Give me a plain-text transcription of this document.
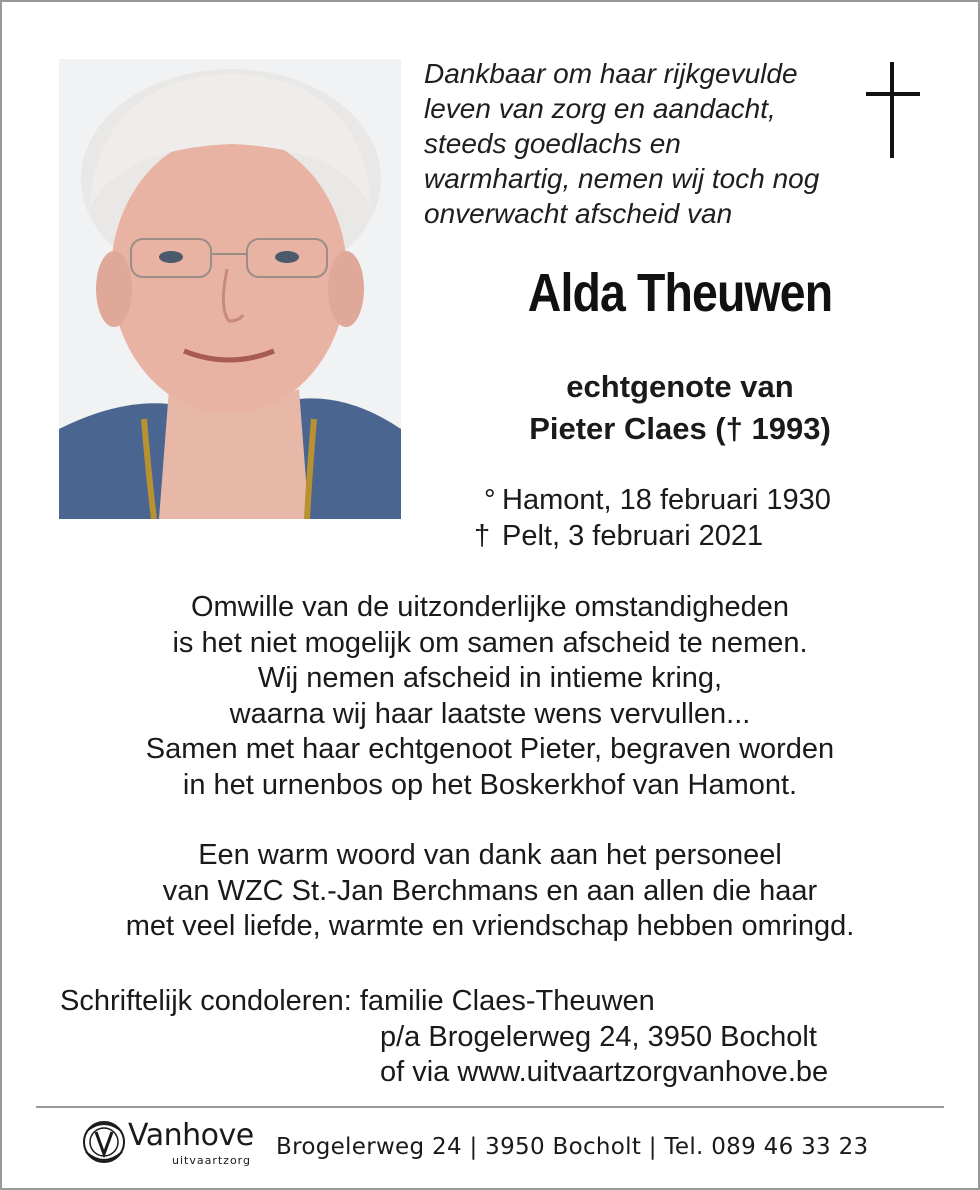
Dankbaar om haar rijkgevulde
leven van zorg en aandacht,
steeds goedlachs en
warmhartig, nemen wij toch nog
onverwacht afscheid van
Alda Theuwen
echtgenote van
Pieter Claes († 1993)
° Hamont, 18 februari 1930
† Pelt, 3 februari 2021
Omwille van de uitzonderlijke omstandigheden
is het niet mogelijk om samen afscheid te nemen.
Wij nemen afscheid in intieme kring,
waarna wij haar laatste wens vervullen...
Samen met haar echtgenoot Pieter, begraven worden
in het urnenbos op het Boskerkhof van Hamont.
Een warm woord van dank aan het personeel
van WZC St.-Jan Berchmans en aan allen die haar
met veel liefde, warmte en vriendschap hebben omringd.
Schriftelijk condoleren: familie Claes-Theuwen
p/a Brogelerweg 24, 3950 Bocholt
of via www.uitvaartzorgvanhove.be
Vanhove
uitvaartzorg
Brogelerweg 24 | 3950 Bocholt | Tel. 089 46 33 23
